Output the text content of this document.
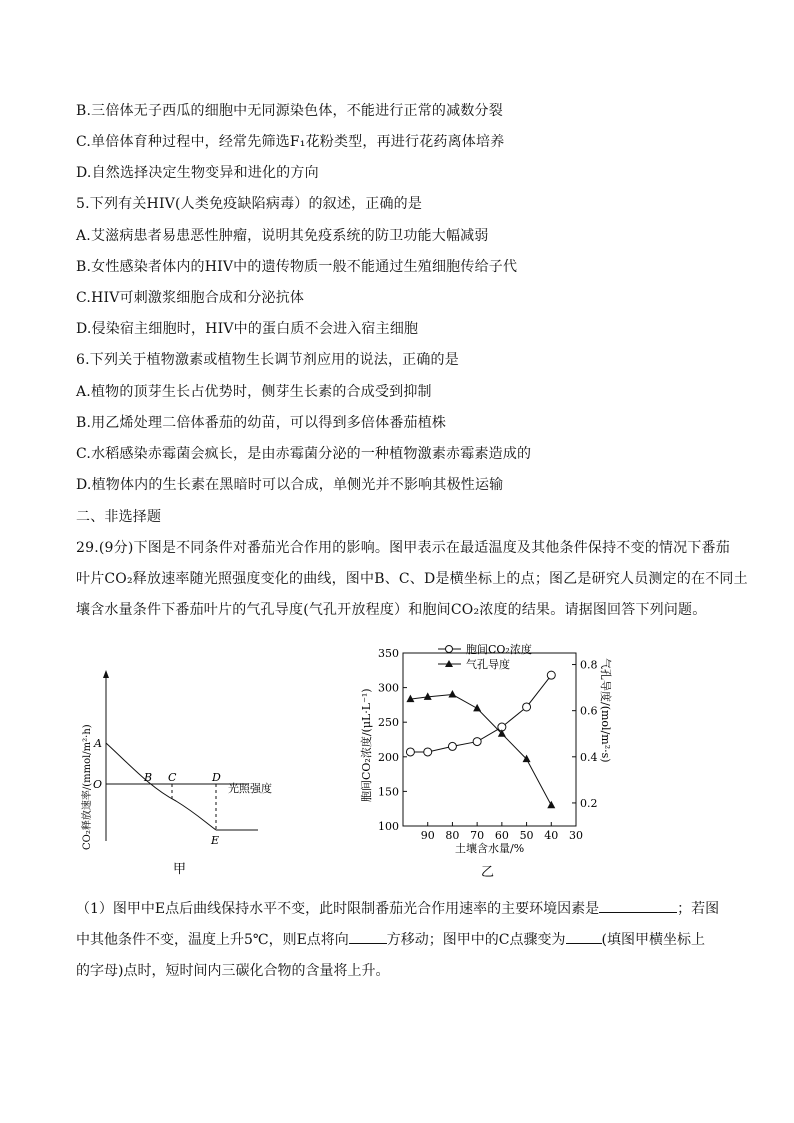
B.三倍体无子西瓜的细胞中无同源染色体，不能进行正常的减数分裂
C.单倍体育种过程中，经常先筛选F₁花粉类型，再进行花药离体培养
D.自然选择决定生物变异和进化的方向
5.下列有关HIV(人类免疫缺陷病毒）的叙述，正确的是
A.艾滋病患者易患恶性肿瘤，说明其免疫系统的防卫功能大幅减弱
B.女性感染者体内的HIV中的遗传物质一般不能通过生殖细胞传给子代
C.HIV可刺激浆细胞合成和分泌抗体
D.侵染宿主细胞时，HIV中的蛋白质不会进入宿主细胞
6.下列关于植物激素或植物生长调节剂应用的说法，正确的是
A.植物的顶芽生长占优势时，侧芽生长素的合成受到抑制
B.用乙烯处理二倍体番茄的幼苗，可以得到多倍体番茄植株
C.水稻感染赤霉菌会疯长，是由赤霉菌分泌的一种植物激素赤霉素造成的
D.植物体内的生长素在黑暗时可以合成，单侧光并不影响其极性运输
二、非选择题
29.(9分)下图是不同条件对番茄光合作用的影响。图甲表示在最适温度及其他条件保持不变的情况下番茄
叶片CO₂释放速率随光照强度变化的曲线，图中B、C、D是横坐标上的点；图乙是研究人员测定的在不同土
壤含水量条件下番茄叶片的气孔导度(气孔开放程度）和胞间CO₂浓度的结果。请据图回答下列问题。
A
O
B C	D
E
光照强度
CO₂释放速率/(mmol/m²·h)
甲
90 80 70 60 50 40 30
100
150
200
250
300
350
0.2
0.4
0.6
0.8
胞间CO₂浓度
气孔导度
土壤含水量/%
胞间CO₂浓度/(μL·L⁻¹)	气孔导度/(mol/m²·s)
乙
（1）图甲中E点后曲线保持水平不变，此时限制番茄光合作用速率的主要环境因素是	；若图
中其他条件不变，温度上升5℃，则E点将向	方移动；图甲中的C点骤变为	(填图甲横坐标上
的字母)点时，短时间内三碳化合物的含量将上升。
